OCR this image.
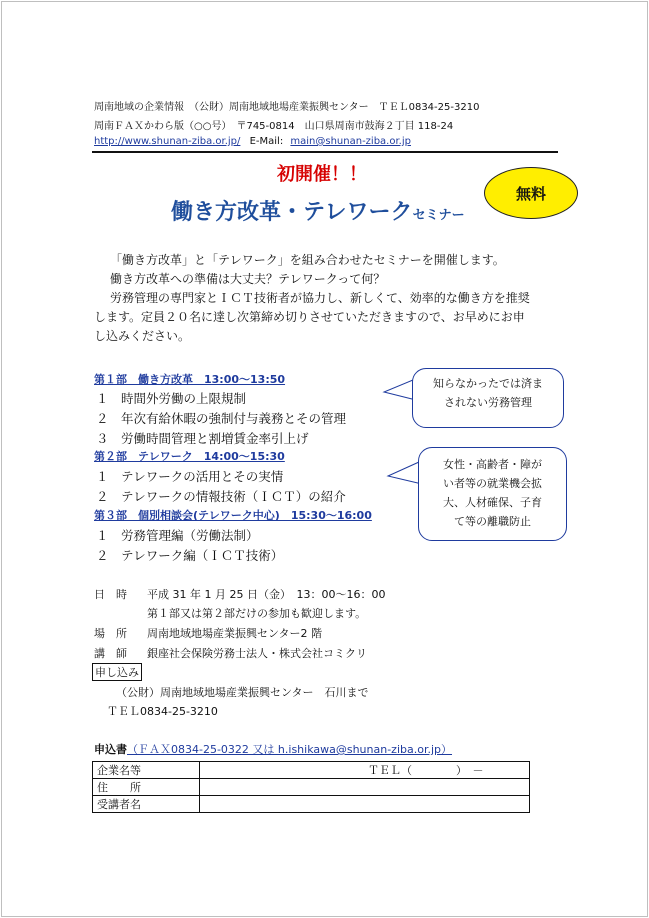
周南地域の企業情報　（公財）周南地域地場産業振興センター　ＴＥＬ0834-25-3210
周南ＦＡＸかわら版（○○号）　〒745-0814　山口県周南市鼓海２丁目 118-24
http://www.shunan-ziba.or.jp/ E-Mail: main@shunan-ziba.or.jp
初開催！！
働き方改革・テレワークセミナー
無料
「働き方改革」と「テレワーク」を組み合わせたセミナーを開催します。
働き方改革への準備は大丈夫？テレワークって何？
労務管理の専門家とＩＣＴ技術者が協力し、新しくて、効率的な働き方を推奨
します。定員２０名に達し次第締め切りさせていただきますので、お早めにお申
し込みください。
第１部　働き方改革　13:00～13:50
１　時間外労働の上限規制
２　年次有給休暇の強制付与義務とその管理
３　労働時間管理と割増賃金率引上げ
第２部　テレワーク　14:00～15:30
１　テレワークの活用とその実情
２　テレワークの情報技術（ＩＣＴ）の紹介
第３部　個別相談会(テレワーク中心)　15:30～16:00
１　労務管理編（労働法制）
２　テレワーク編（ＩＣＴ技術）
知らなかったでは済ま
されない労務管理
女性・高齢者・障が
い者等の就業機会拡
大、人材確保、子育
て等の離職防止
日　時 平成 31 年 1 月 25 日（金）　13：00～16：00
第１部又は第２部だけの参加も歓迎します。
場　所 周南地域地場産業振興センター2 階
講　師 銀座社会保険労務士法人・株式会社コミクリ
申し込み
（公財）周南地域地場産業振興センター　石川まで
ＴＥＬ0834-25-3210
申込書（ＦＡＸ0834-25-0322 又は h.ishikawa@shunan-ziba.or.jp）
企業名等	ＴＥＬ（　　　　）　－
住　　所	
受講者名	
